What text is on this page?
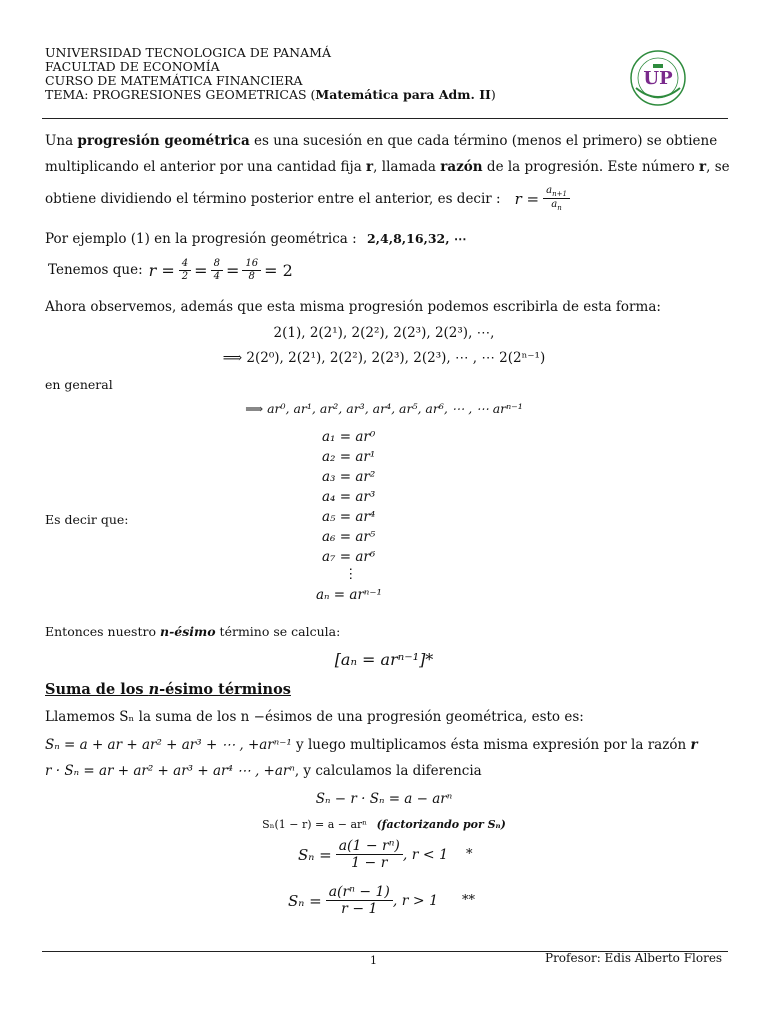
UNIVERSIDAD TECNOLOGICA DE PANAMÁ
FACULTAD DE ECONOMÍA
CURSO DE MATEMÁTICA FINANCIERA
TEMA: PROGRESIONES GEOMETRICAS (Matemática para Adm. II)
UP
Una progresión geométrica es una sucesión en que cada término (menos el primero) se obtiene
multiplicando el anterior por una cantidad fija r, llamada razón de la progresión. Este número r, se
obtiene dividiendo el término posterior entre el anterior, es decir : $r = \frac{a_{n+1}}{a_n}$
Por ejemplo (1) en la progresión geométrica : 2,4,8,16,32, ⋯
Tenemos que: $r = \frac{4}{2} = \frac{8}{4} = \frac{16}{8} = 2$
Ahora observemos, además que esta misma progresión podemos escribirla de esta forma:
2(1), 2(2¹), 2(2²), 2(2³), 2(2³), ⋯,
⟹ 2(2⁰), 2(2¹), 2(2²), 2(2³), 2(2³), ⋯ , ⋯ 2(2ⁿ⁻¹)
en general
⟹ ar⁰, ar¹, ar², ar³, ar⁴, ar⁵, ar⁶, ⋯ , ⋯ arⁿ⁻¹
Es decir que:
a₁ = ar⁰
a₂ = ar¹
a₃ = ar²
a₄ = ar³
a₅ = ar⁴
a₆ = ar⁵
a₇ = ar⁶
⋮
aₙ = arⁿ⁻¹
Entonces nuestro n-ésimo término se calcula:
[aₙ = arⁿ⁻¹]*
Suma de los n-ésimo términos
Llamemos Sₙ la suma de los n −ésimos de una progresión geométrica, esto es:
Sₙ = a + ar + ar² + ar³ + ⋯ , +arⁿ⁻¹ y luego multiplicamos ésta misma expresión por la razón r
r · Sₙ = ar + ar² + ar³ + ar⁴ ⋯ , +arⁿ, y calculamos la diferencia
Sₙ − r · Sₙ = a − arⁿ
Sₙ(1 − r) = a − arⁿ (factorizando por Sₙ)
$S_n = \frac{\text{a(1 − rⁿ)}}{1 - r}$ , r < 1 *
$S_n = \frac{\text{a(rⁿ − 1)}}{r - 1}$ , r > 1 **
1	Profesor: Edis Alberto Flores
